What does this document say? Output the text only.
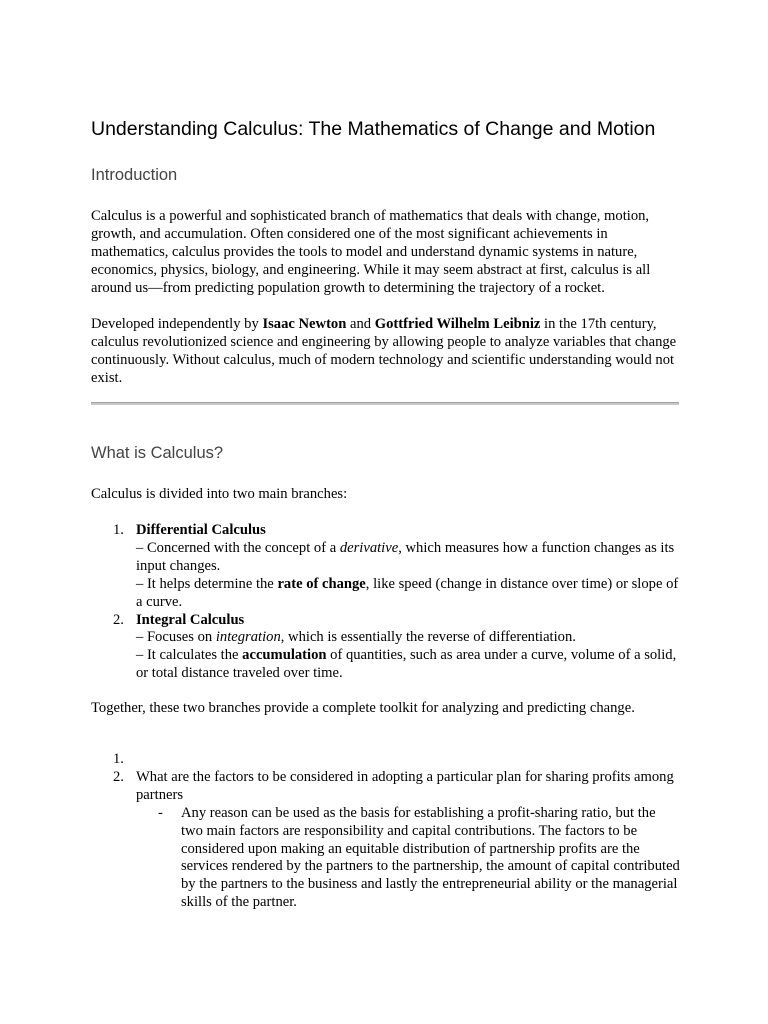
Understanding Calculus: The Mathematics of Change and Motion
Introduction

Calculus is a powerful and sophisticated branch of mathematics that deals with change, motion, growth, and accumulation. Often considered one of the most significant achievements in mathematics, calculus provides the tools to model and understand dynamic systems in nature, economics, physics, biology, and engineering. While it may seem abstract at first, calculus is all around us—from predicting population growth to determining the trajectory of a rocket.

Developed independently by Isaac Newton and Gottfried Wilhelm Leibniz in the 17th century, calculus revolutionized science and engineering by allowing people to analyze variables that change continuously. Without calculus, much of modern technology and scientific understanding would not exist.

What is Calculus?

Calculus is divided into two main branches:

1. Differential Calculus
– Concerned with the concept of a derivative, which measures how a function changes as its input changes.
– It helps determine the rate of change, like speed (change in distance over time) or slope of a curve.
2. Integral Calculus
– Focuses on integration, which is essentially the reverse of differentiation.
– It calculates the accumulation of quantities, such as area under a curve, volume of a solid, or total distance traveled over time.

Together, these two branches provide a complete toolkit for analyzing and predicting change.

1.
2. What are the factors to be considered in adopting a particular plan for sharing profits among partners
- Any reason can be used as the basis for establishing a profit-sharing ratio, but the two main factors are responsibility and capital contributions. The factors to be considered upon making an equitable distribution of partnership profits are the services rendered by the partners to the partnership, the amount of capital contributed by the partners to the business and lastly the entrepreneurial ability or the managerial skills of the partner.
